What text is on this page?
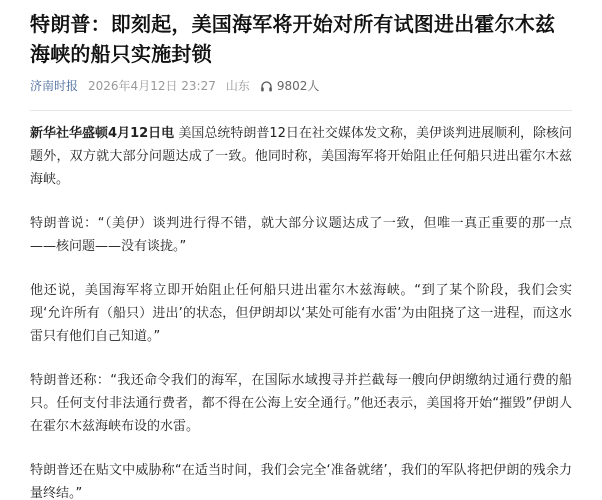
特朗普：即刻起，美国海军将开始对所有试图进出霍尔木兹海峡的船只实施封锁
济南时报 2026年4月12日 23:27 山东 9802人

新华社华盛顿4月12日电 美国总统特朗普12日在社交媒体发文称，美伊谈判进展顺利，除核问题外，双方就大部分问题达成了一致。他同时称，美国海军将开始阻止任何船只进出霍尔木兹海峡。

特朗普说：“（美伊）谈判进行得不错，就大部分议题达成了一致，但唯一真正重要的那一点——核问题——没有谈拢。”

他还说，美国海军将立即开始阻止任何船只进出霍尔木兹海峡。“到了某个阶段，我们会实现‘允许所有（船只）进出’的状态，但伊朗却以‘某处可能有水雷’为由阻挠了这一进程，而这水雷只有他们自己知道。”

特朗普还称：“我还命令我们的海军，在国际水域搜寻并拦截每一艘向伊朗缴纳过通行费的船只。任何支付非法通行费者，都不得在公海上安全通行。”他还表示，美国将开始“摧毁”伊朗人在霍尔木兹海峡布设的水雷。

特朗普还在贴文中威胁称“在适当时间，我们会完全‘准备就绪’，我们的军队将把伊朗的残余力量终结。”
